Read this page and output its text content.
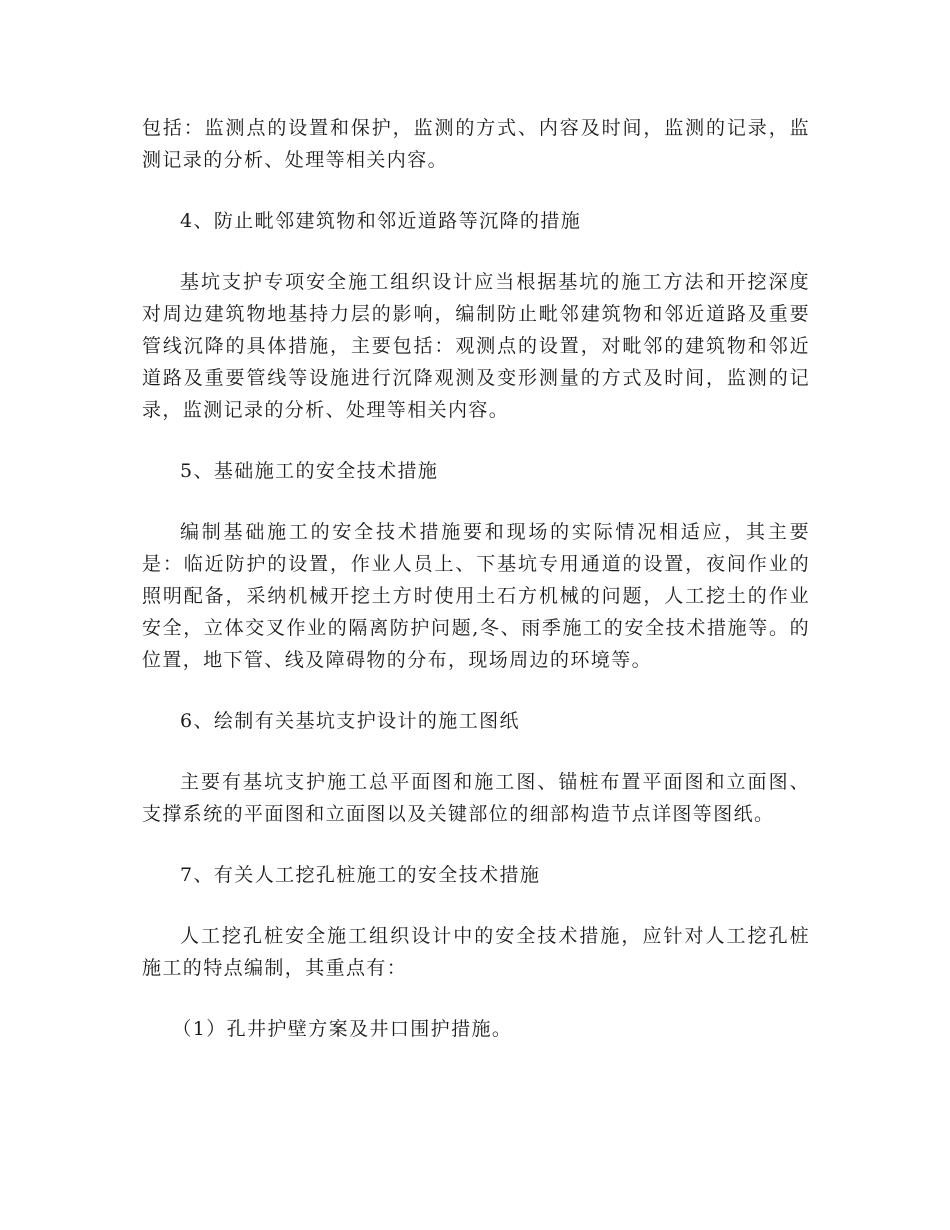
包括：监测点的设置和保护，监测的方式、内容及时间，监测的记录，监测记录的分析、处理等相关内容。

4、防止毗邻建筑物和邻近道路等沉降的措施

基坑支护专项安全施工组织设计应当根据基坑的施工方法和开挖深度对周边建筑物地基持力层的影响，编制防止毗邻建筑物和邻近道路及重要管线沉降的具体措施，主要包括：观测点的设置，对毗邻的建筑物和邻近道路及重要管线等设施进行沉降观测及变形测量的方式及时间，监测的记录，监测记录的分析、处理等相关内容。

5、基础施工的安全技术措施

编制基础施工的安全技术措施要和现场的实际情况相适应，其主要是：临近防护的设置，作业人员上、下基坑专用通道的设置，夜间作业的照明配备，采纳机械开挖土方时使用土石方机械的问题，人工挖土的作业安全，立体交叉作业的隔离防护问题,冬、雨季施工的安全技术措施等。的位置，地下管、线及障碍物的分布，现场周边的环境等。

6、绘制有关基坑支护设计的施工图纸

主要有基坑支护施工总平面图和施工图、锚桩布置平面图和立面图、支撑系统的平面图和立面图以及关键部位的细部构造节点详图等图纸。

7、有关人工挖孔桩施工的安全技术措施

人工挖孔桩安全施工组织设计中的安全技术措施，应针对人工挖孔桩施工的特点编制，其重点有：

（1）孔井护壁方案及井口围护措施。
